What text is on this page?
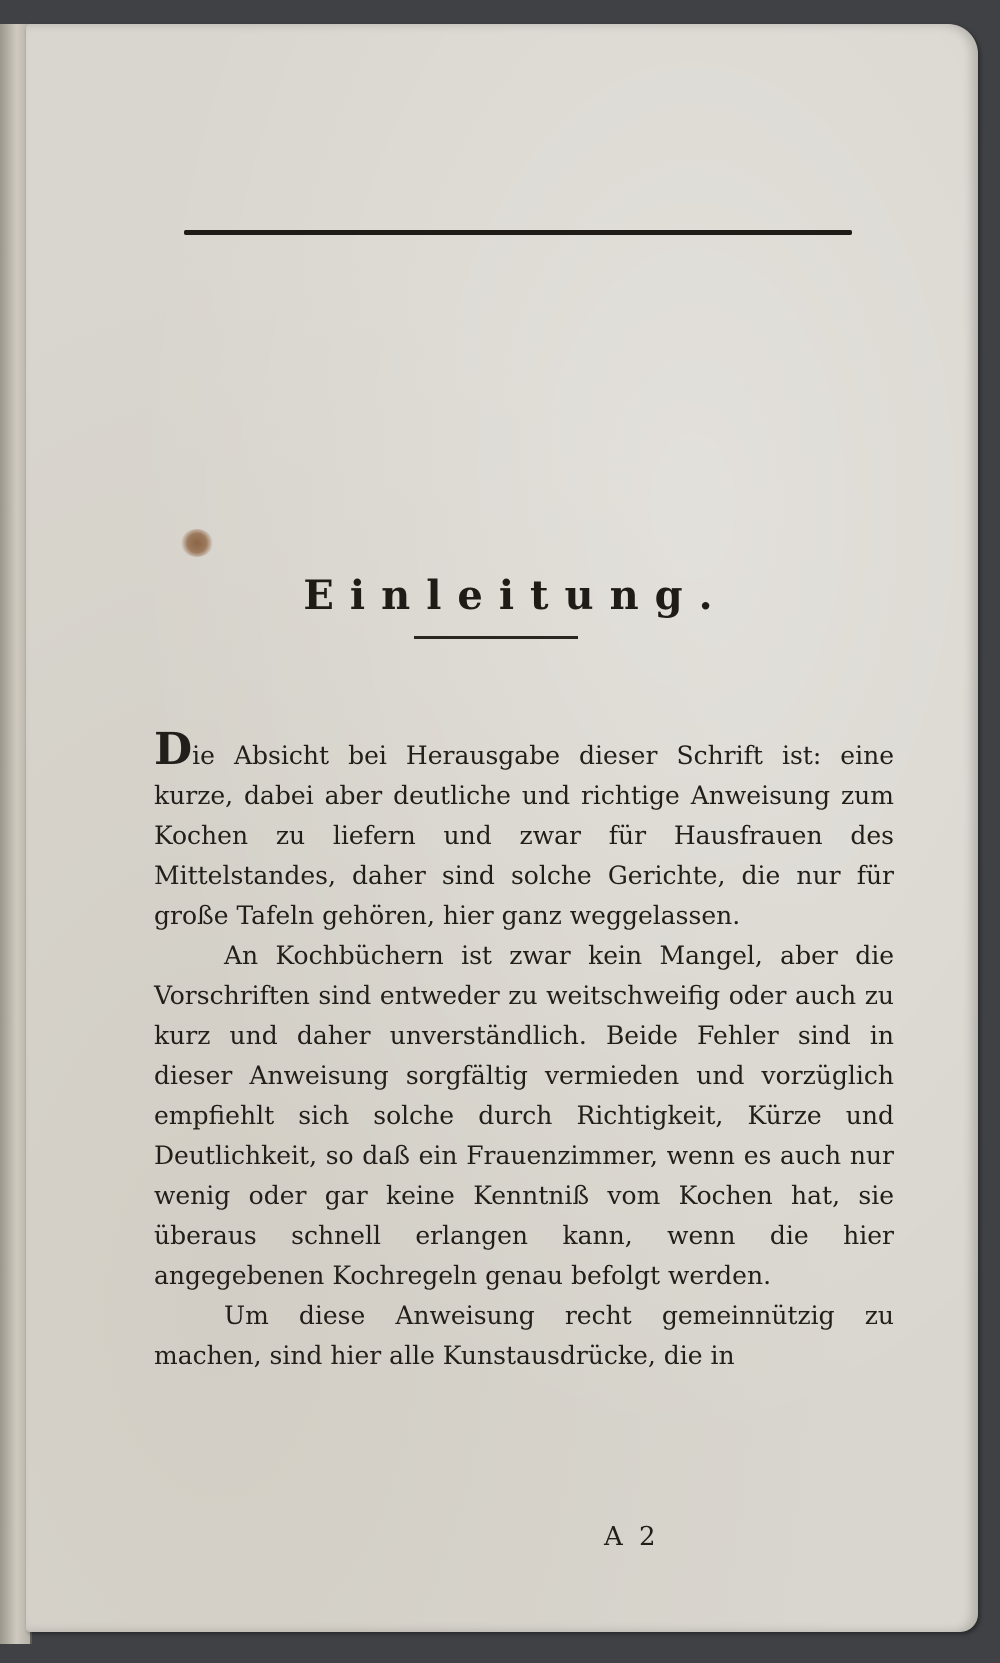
Einleitung.

Die Absicht bei Herausgabe dieser Schrift ist: eine kurze, dabei aber deutliche und richtige Anweisung zum Kochen zu liefern und zwar für Hausfrauen des Mittelstandes, daher sind solche Gerichte, die nur für große Tafeln gehören, hier ganz weggelassen.

An Kochbüchern ist zwar kein Mangel, aber die Vorschriften sind entweder zu weitschweifig oder auch zu kurz und daher unverständlich. Beide Fehler sind in dieser Anweisung sorgfältig vermieden und vorzüglich empfiehlt sich solche durch Richtigkeit, Kürze und Deutlichkeit, so daß ein Frauenzimmer, wenn es auch nur wenig oder gar keine Kenntniß vom Kochen hat, sie überaus schnell erlangen kann, wenn die hier angegebenen Kochregeln genau befolgt werden.

Um diese Anweisung recht gemeinnützig zu machen, sind hier alle Kunstausdrücke, die in

A 2
